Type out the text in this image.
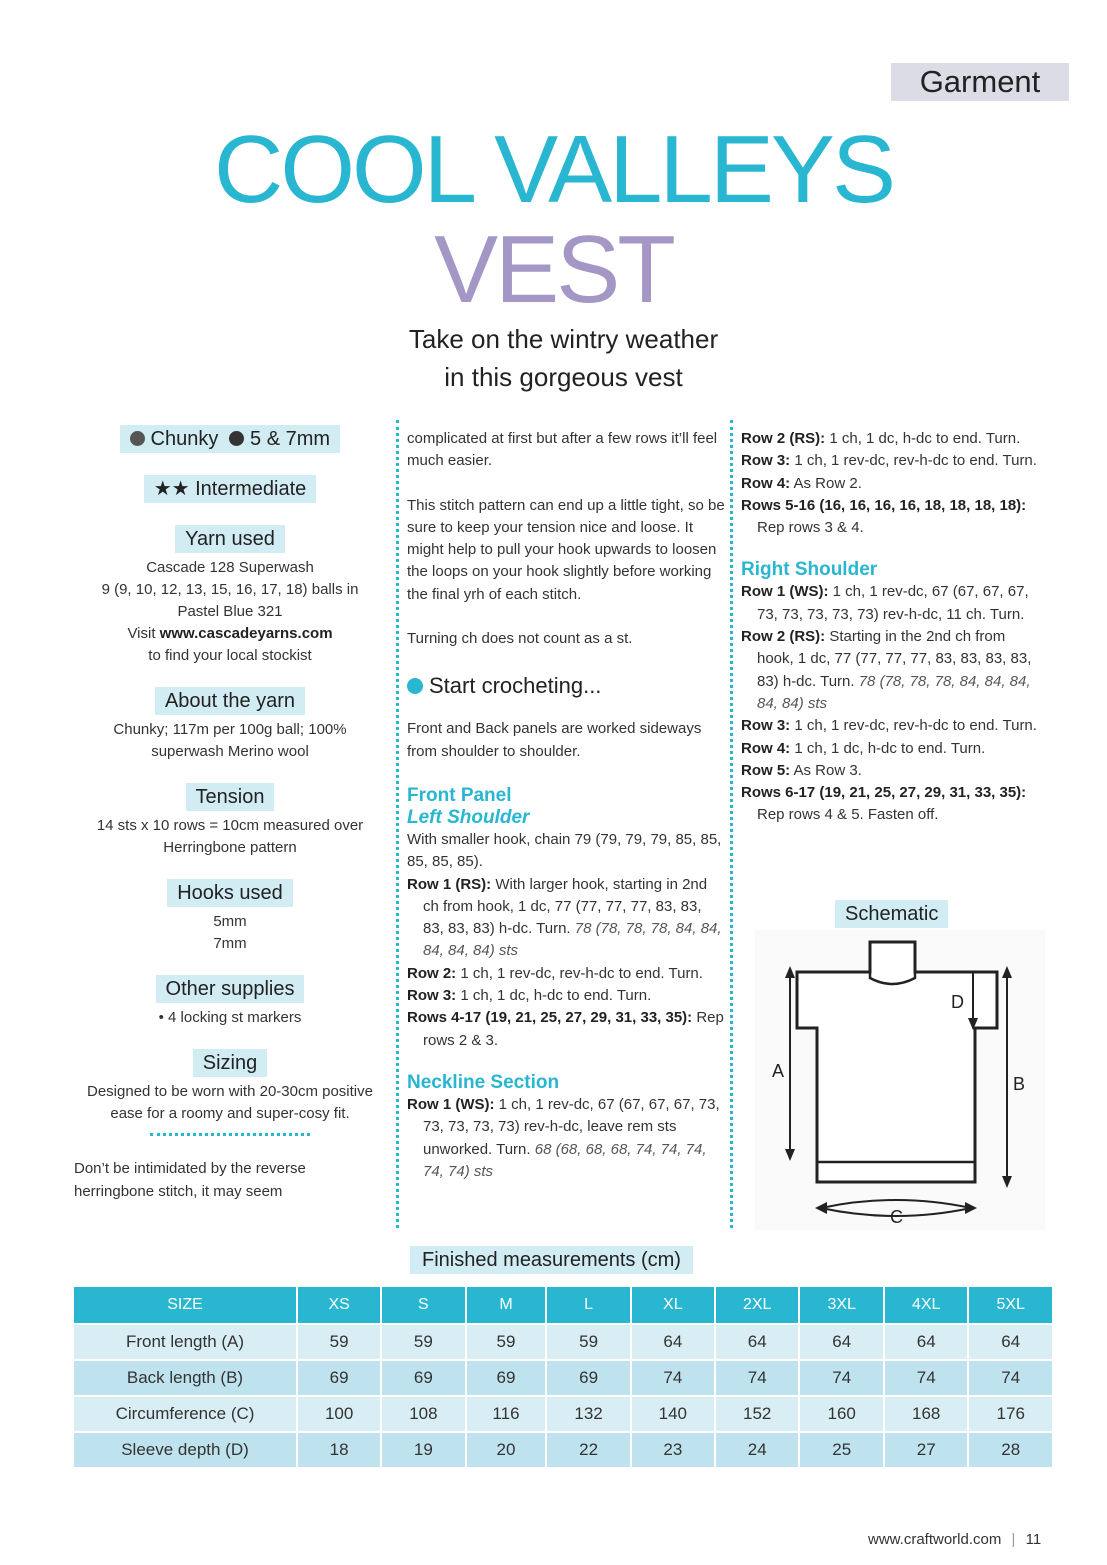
Garment
COOL VALLEYS
VEST
Take on the wintry weather
in this gorgeous vest
Chunky 5 & 7mm
★★ Intermediate
Yarn used
Cascade 128 Superwash
9 (9, 10, 12, 13, 15, 16, 17, 18) balls in
Pastel Blue 321
Visit www.cascadeyarns.com
to find your local stockist
About the yarn
Chunky; 117m per 100g ball; 100%
superwash Merino wool
Tension
14 sts x 10 rows = 10cm measured over
Herringbone pattern
Hooks used
5mm
7mm
Other supplies
• 4 locking st markers
Sizing
Designed to be worn with 20-30cm positive
ease for a roomy and super-cosy fit.
Don’t be intimidated by the reverse herringbone stitch, it may seem

complicated at first but after a few rows it’ll feel much easier.

This stitch pattern can end up a little tight, so be sure to keep your tension nice and loose. It might help to pull your hook upwards to loosen the loops on your hook slightly before working the final yrh of each stitch.

Turning ch does not count as a st.

Start crocheting...

Front and Back panels are worked sideways from shoulder to shoulder.

Front Panel
Left Shoulder
With smaller hook, chain 79 (79, 79, 79, 85, 85, 85, 85, 85).
Row 1 (RS): With larger hook, starting in 2nd ch from hook, 1 dc, 77 (77, 77, 77, 83, 83, 83, 83, 83) h-dc. Turn. 78 (78, 78, 78, 84, 84, 84, 84, 84) sts
Row 2: 1 ch, 1 rev-dc, rev-h-dc to end. Turn.
Row 3: 1 ch, 1 dc, h-dc to end. Turn.
Rows 4-17 (19, 21, 25, 27, 29, 31, 33, 35): Rep rows 2 & 3.
Neckline Section
Row 1 (WS): 1 ch, 1 rev-dc, 67 (67, 67, 67, 73, 73, 73, 73, 73) rev-h-dc, leave rem sts unworked. Turn. 68 (68, 68, 68, 74, 74, 74, 74, 74) sts
Row 2 (RS): 1 ch, 1 dc, h-dc to end. Turn.
Row 3: 1 ch, 1 rev-dc, rev-h-dc to end. Turn.
Row 4: As Row 2.
Rows 5-16 (16, 16, 16, 16, 18, 18, 18, 18): Rep rows 3 & 4.
Right Shoulder
Row 1 (WS): 1 ch, 1 rev-dc, 67 (67, 67, 67, 73, 73, 73, 73, 73) rev-h-dc, 11 ch. Turn.
Row 2 (RS): Starting in the 2nd ch from hook, 1 dc, 77 (77, 77, 77, 83, 83, 83, 83, 83) h-dc. Turn. 78 (78, 78, 78, 84, 84, 84, 84, 84) sts
Row 3: 1 ch, 1 rev-dc, rev-h-dc to end. Turn.
Row 4: 1 ch, 1 dc, h-dc to end. Turn.
Row 5: As Row 3.
Rows 6-17 (19, 21, 25, 27, 29, 31, 33, 35): Rep rows 4 & 5. Fasten off.
Schematic
A
B
D
C
Finished measurements (cm)
SIZE	XS	S	M	L	XL	2XL	3XL	4XL	5XL
Front length (A)	59	59	59	59	64	64	64	64	64
Back length (B)	69	69	69	69	74	74	74	74	74
Circumference (C)	100	108	116	132	140	152	160	168	176
Sleeve depth (D)	18	19	20	22	23	24	25	27	28
www.craftworld.com | 11
